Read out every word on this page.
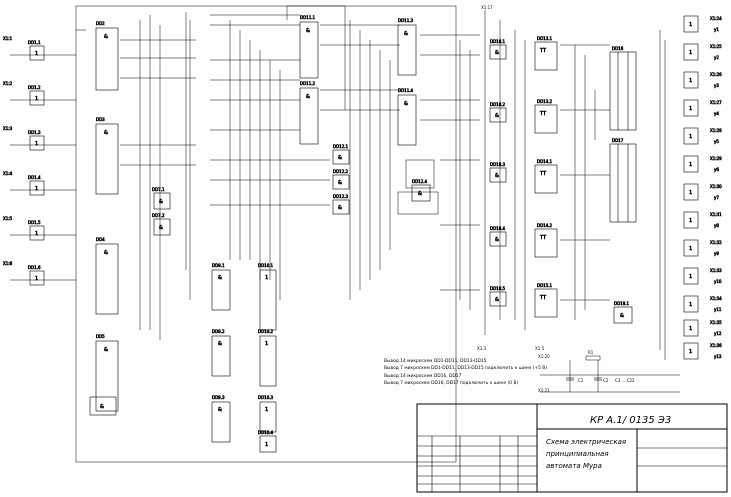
1
DD1.1
Х1:1
1
DD1.2
Х1:2
1
DD1.3
Х1:3
1
DD1.4
Х1:4
1
DD1.5
Х1:5
1
DD1.6
Х1:6
&
DD2
&
DD3
&
DD4
&
DD5
&
&
DD7.1
&
DD7.2
&
DD9.1
&
DD9.2
&
DD9.3
1
DD10.1
1
DD10.2
1
DD10.3
1
DD10.4
&
DD11.1
&
DD11.2
&
DD11.3
&
DD11.4
&
DD12.1
&
DD12.2
&
DD12.3	&
DD12.4
&
DD18.1
&
DD18.2
&
DD18.3
&
DD18.4
&
DD18.5
TT
DD13.1
TT
DD13.2
TT
DD14.1
TT
DD14.2
TT
DD15.1
DD16
DD17
&
DD19.1
1
Х1:24
y1
1
Х1:25
y2
1
Х1:26
y3
1
Х1:27
y4
1
Х1:28
y5
1
Х1:29
y6
1
Х1:30
y7
1
Х1:31
y8
1
Х1:32
y9
1
Х1:33
y10
1
Х1:34
y11
1
Х1:35
y12
1
Х1:36
y13
Х1:17
Х1:3	Х1:5
Х1:20
Х1:21
С1	С2
R1
С3 ... С22
Вывод 14 микросхем DD1-DD11, DD13-DD15
Вывод 7 микросхем DD1-DD11, DD13-DD15 подключить к шине (+5 В)
Вывод 14 микросхем DD16, DD17
Вывод 7 микросхем DD16, DD17 подключить к шине (0 В)
КР А.1/ 0135 Э3
Схема электрическая
принципиальная
автомата Мура
